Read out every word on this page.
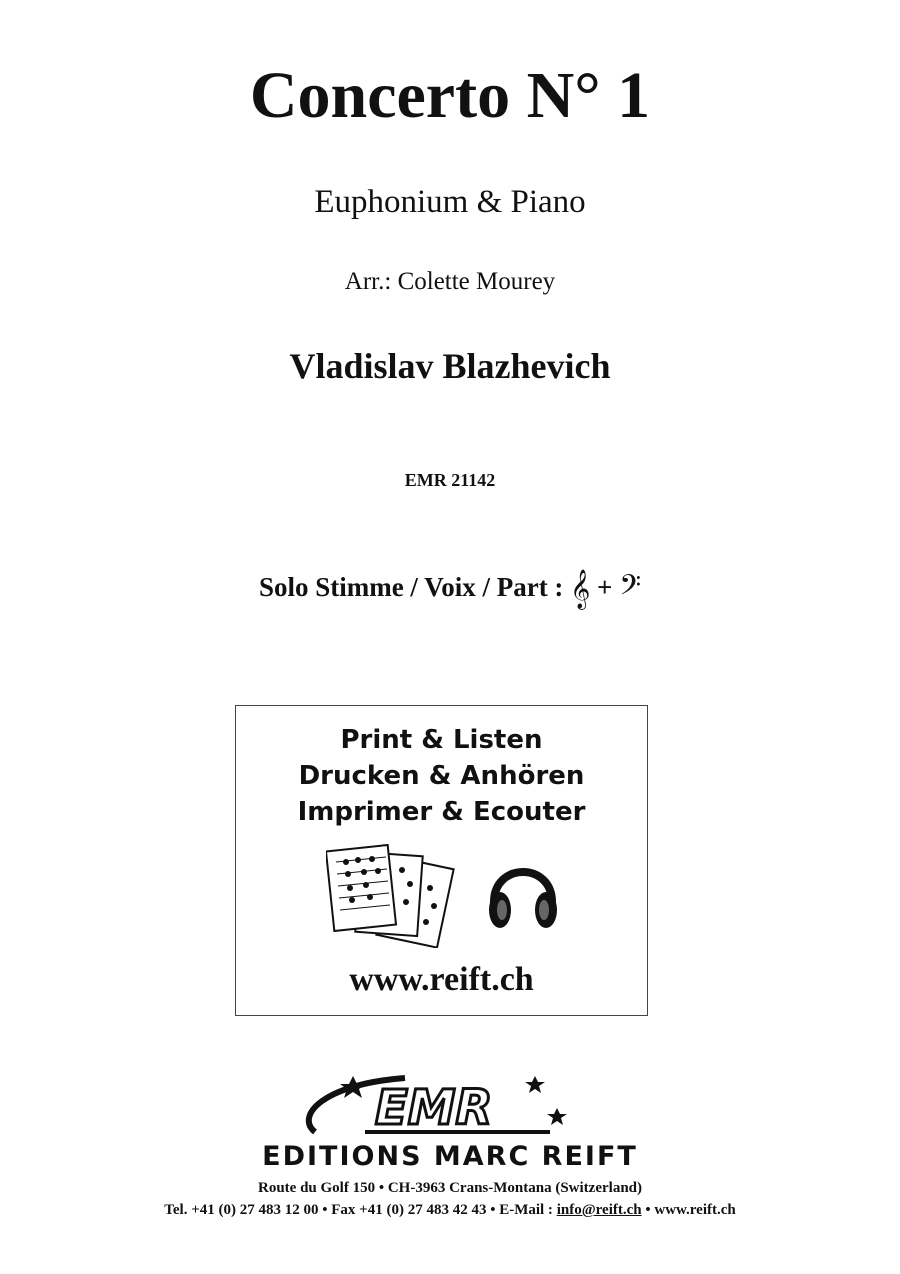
Concerto N° 1
Euphonium & Piano
Arr.: Colette Mourey
Vladislav Blazhevich
EMR 21142
Solo Stimme / Voix / Part : 𝄞 + 𝄢
Print & Listen
Drucken & Anhören
Imprimer & Ecouter
www.reift.ch
EMR
EDITIONS MARC REIFT
Route du Golf 150 • CH-3963 Crans-Montana (Switzerland)
Tel. +41 (0) 27 483 12 00 • Fax +41 (0) 27 483 42 43 • E-Mail : info@reift.ch • www.reift.ch
